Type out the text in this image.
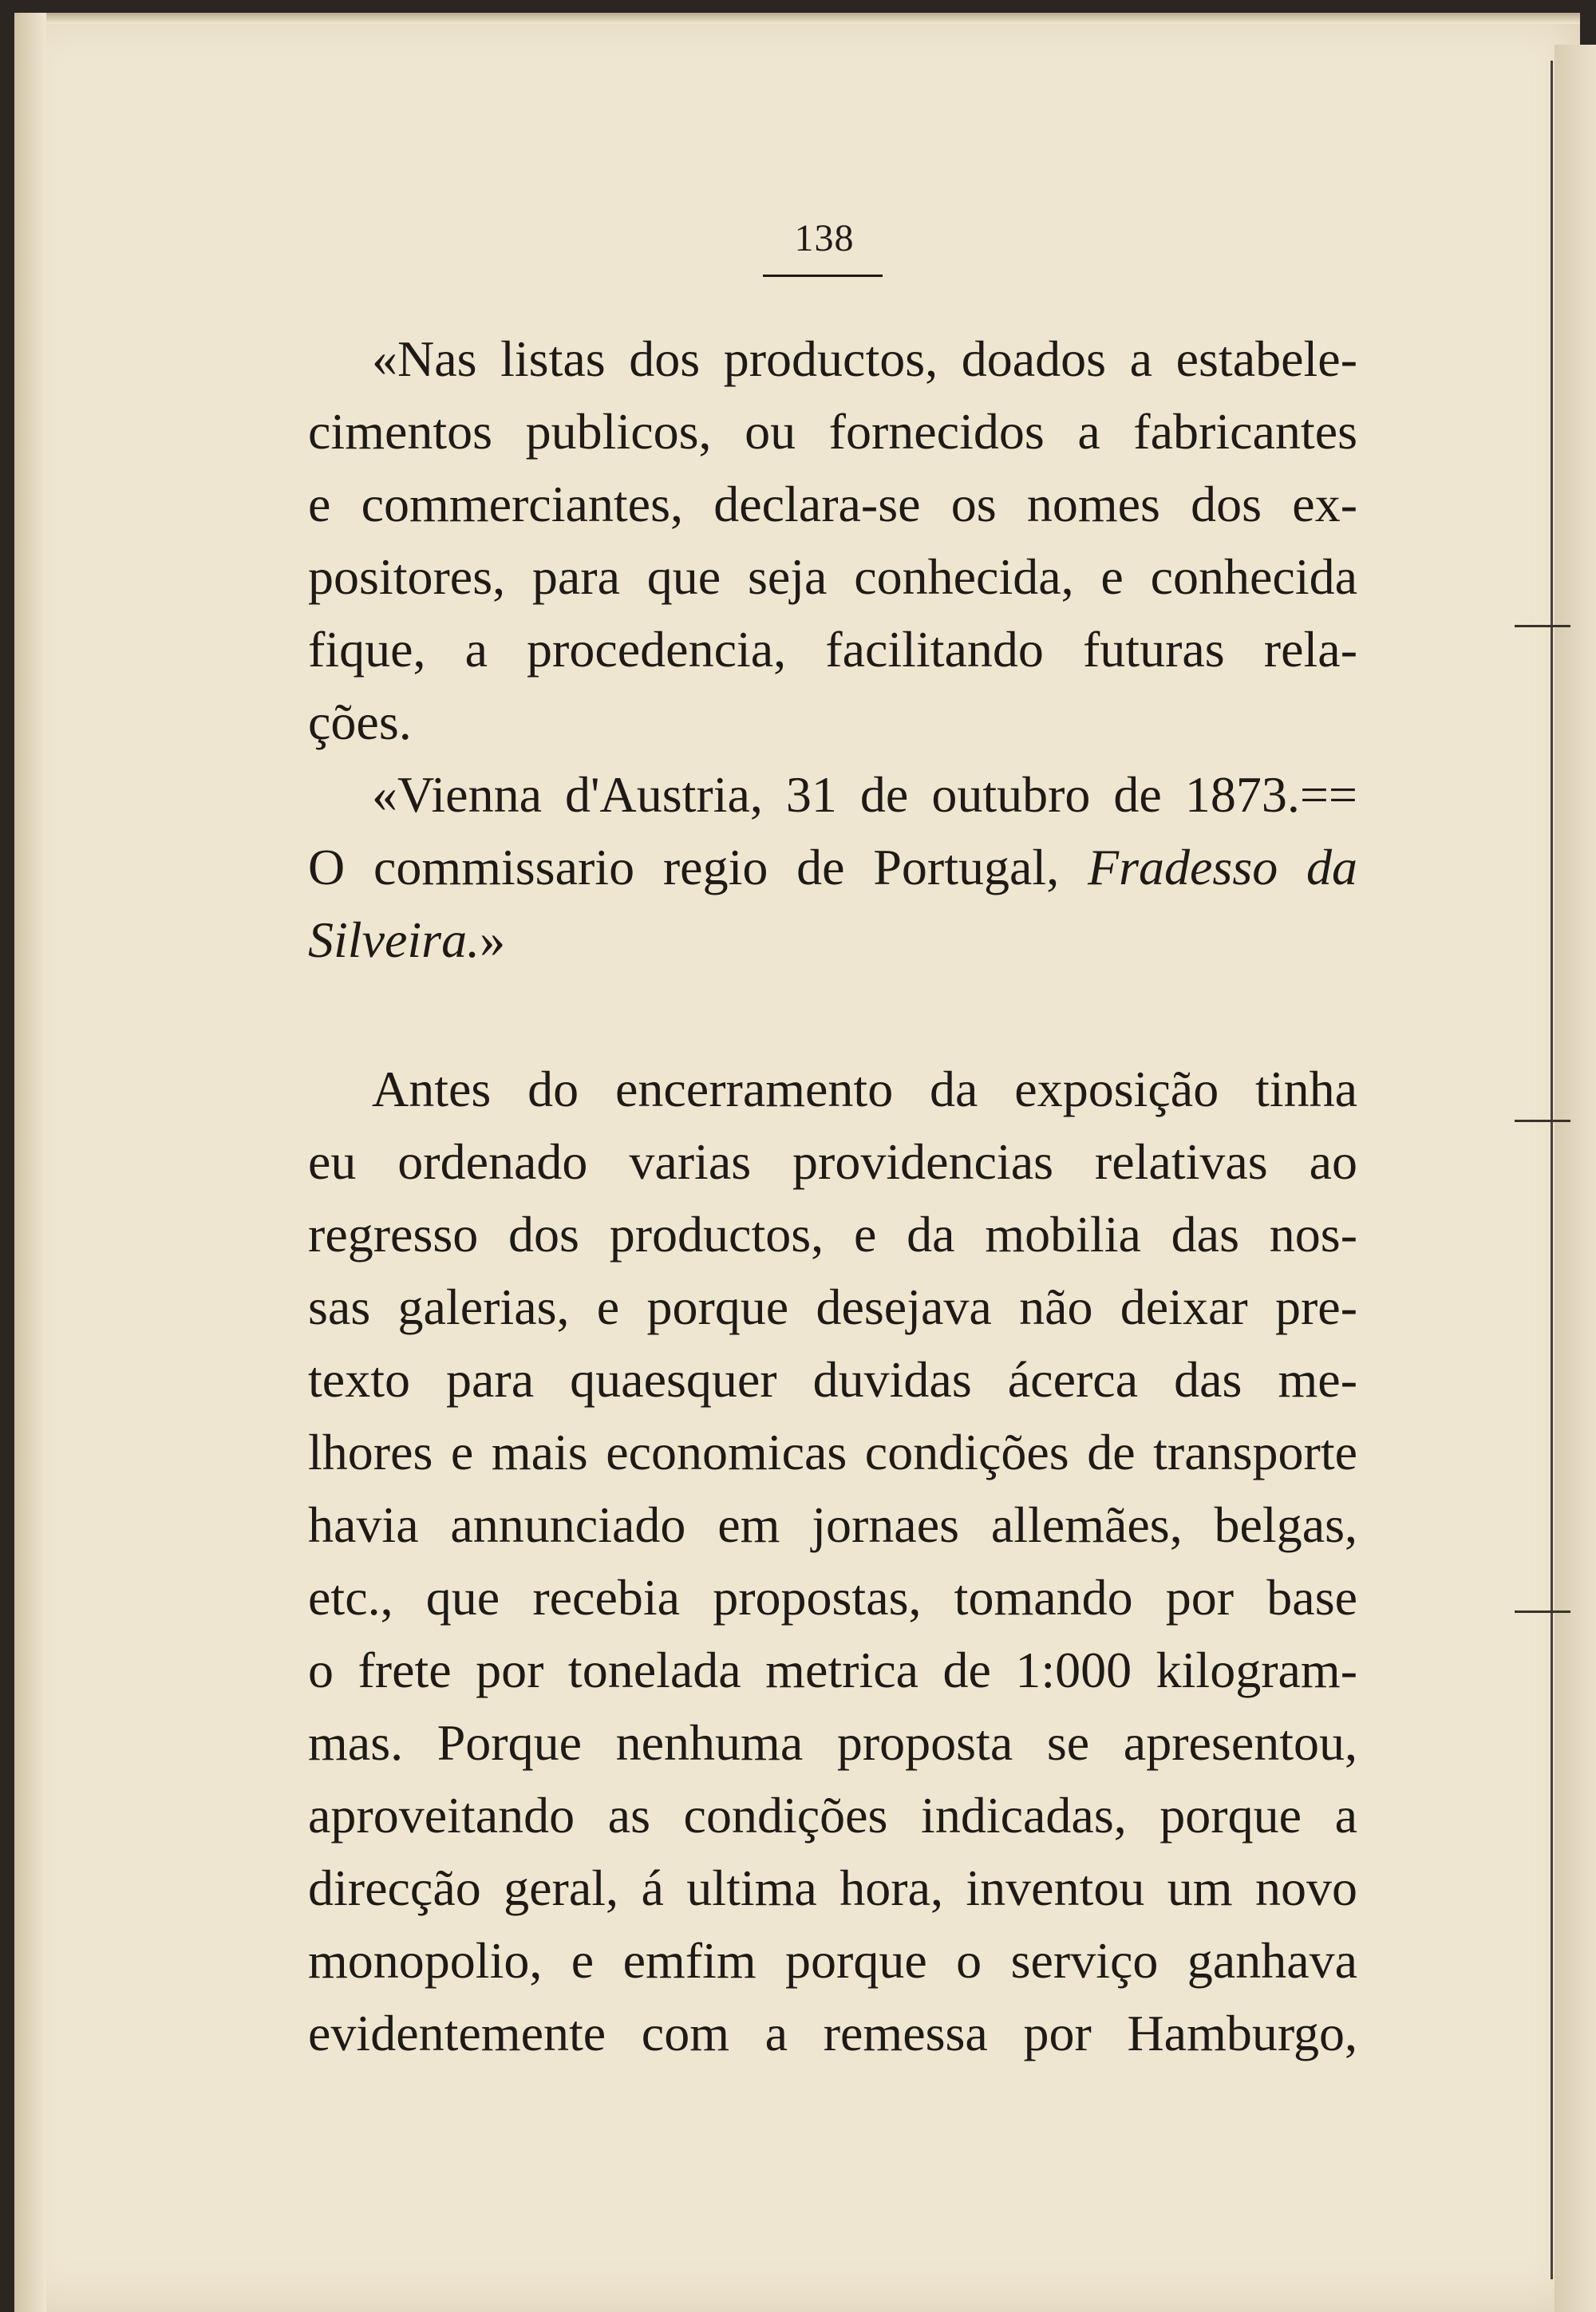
138
«Nas listas dos productos, doados a estabele-
cimentos publicos, ou fornecidos a fabricantes
e commerciantes, declara-se os nomes dos ex-
positores, para que seja conhecida, e conhecida
fique, a procedencia, facilitando futuras rela-
ções.
«Vienna d'Austria, 31 de outubro de 1873.==
O commissario regio de Portugal, Fradesso da
Silveira.»
Antes do encerramento da exposição tinha
eu ordenado varias providencias relativas ao
regresso dos productos, e da mobilia das nos-
sas galerias, e porque desejava não deixar pre-
texto para quaesquer duvidas ácerca das me-
lhores e mais economicas condições de transporte
havia annunciado em jornaes allemães, belgas,
etc., que recebia propostas, tomando por base
o frete por tonelada metrica de 1:000 kilogram-
mas. Porque nenhuma proposta se apresentou,
aproveitando as condições indicadas, porque a
direcção geral, á ultima hora, inventou um novo
monopolio, e emfim porque o serviço ganhava
evidentemente com a remessa por Hamburgo,
